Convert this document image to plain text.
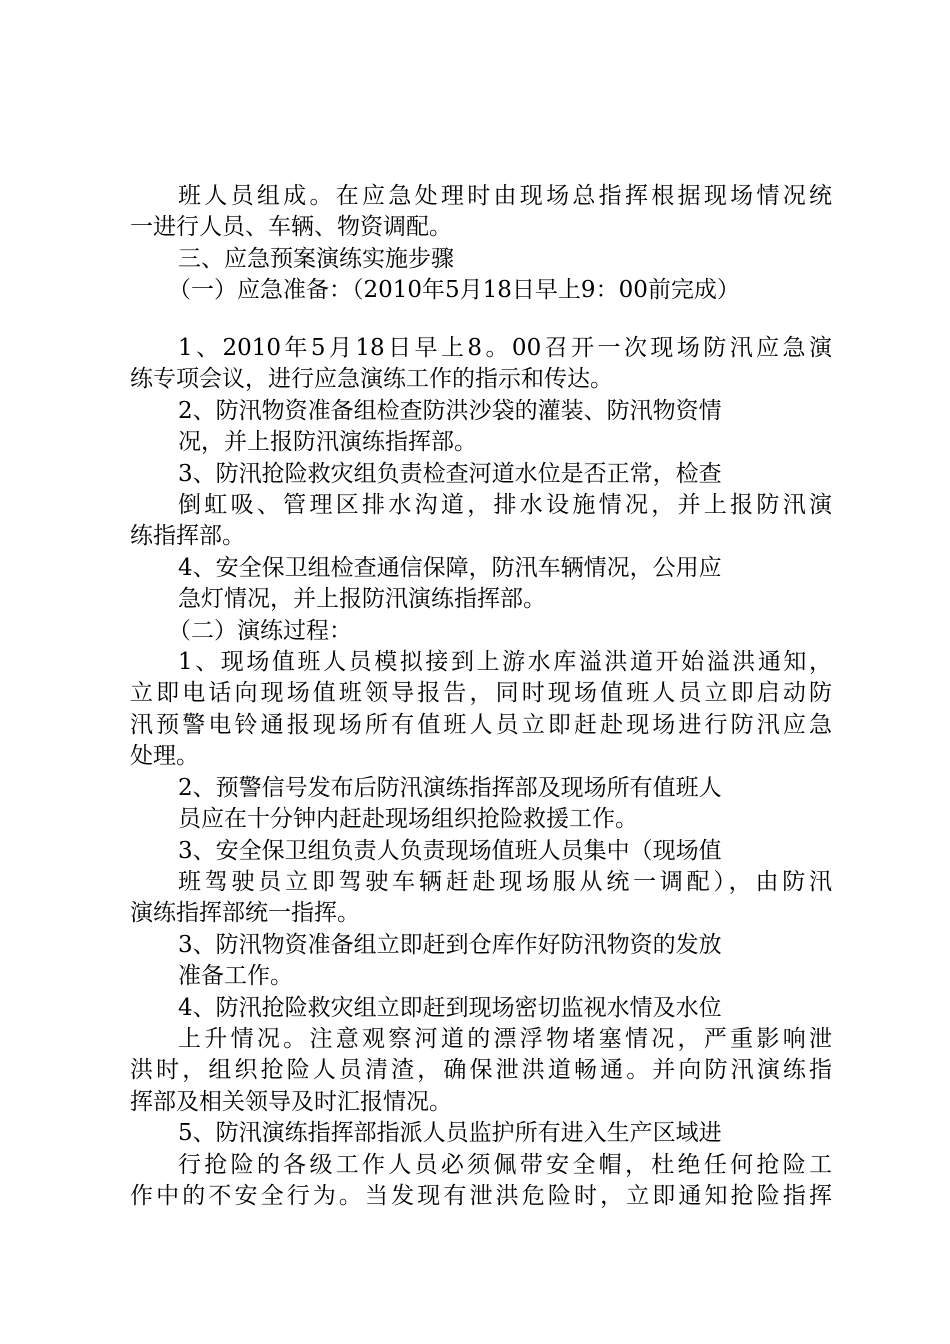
班人员组成。在应急处理时由现场总指挥根据现场情况统
一进行人员、车辆、物资调配。
三、应急预案演练实施步骤
（一）应急准备：（2010年5月18日早上9：00前完成）
1、2010年5月18日早上8。00召开一次现场防汛应急演
练专项会议，进行应急演练工作的指示和传达。
2、防汛物资准备组检查防洪沙袋的灌装、防汛物资情
况，并上报防汛演练指挥部。
3、防汛抢险救灾组负责检查河道水位是否正常，检查
倒虹吸、管理区排水沟道，排水设施情况，并上报防汛演
练指挥部。
4、安全保卫组检查通信保障，防汛车辆情况，公用应
急灯情况，并上报防汛演练指挥部。
（二）演练过程：
1、现场值班人员模拟接到上游水库溢洪道开始溢洪通知，
立即电话向现场值班领导报告，同时现场值班人员立即启动防
汛预警电铃通报现场所有值班人员立即赶赴现场进行防汛应急
处理。
2、预警信号发布后防汛演练指挥部及现场所有值班人
员应在十分钟内赶赴现场组织抢险救援工作。
3、安全保卫组负责人负责现场值班人员集中（现场值
班驾驶员立即驾驶车辆赶赴现场服从统一调配），由防汛
演练指挥部统一指挥。
3、防汛物资准备组立即赶到仓库作好防汛物资的发放
准备工作。
4、防汛抢险救灾组立即赶到现场密切监视水情及水位
上升情况。注意观察河道的漂浮物堵塞情况，严重影响泄
洪时，组织抢险人员清渣，确保泄洪道畅通。并向防汛演练指
挥部及相关领导及时汇报情况。
5、防汛演练指挥部指派人员监护所有进入生产区域进
行抢险的各级工作人员必须佩带安全帽，杜绝任何抢险工
作中的不安全行为。当发现有泄洪危险时，立即通知抢险指挥
